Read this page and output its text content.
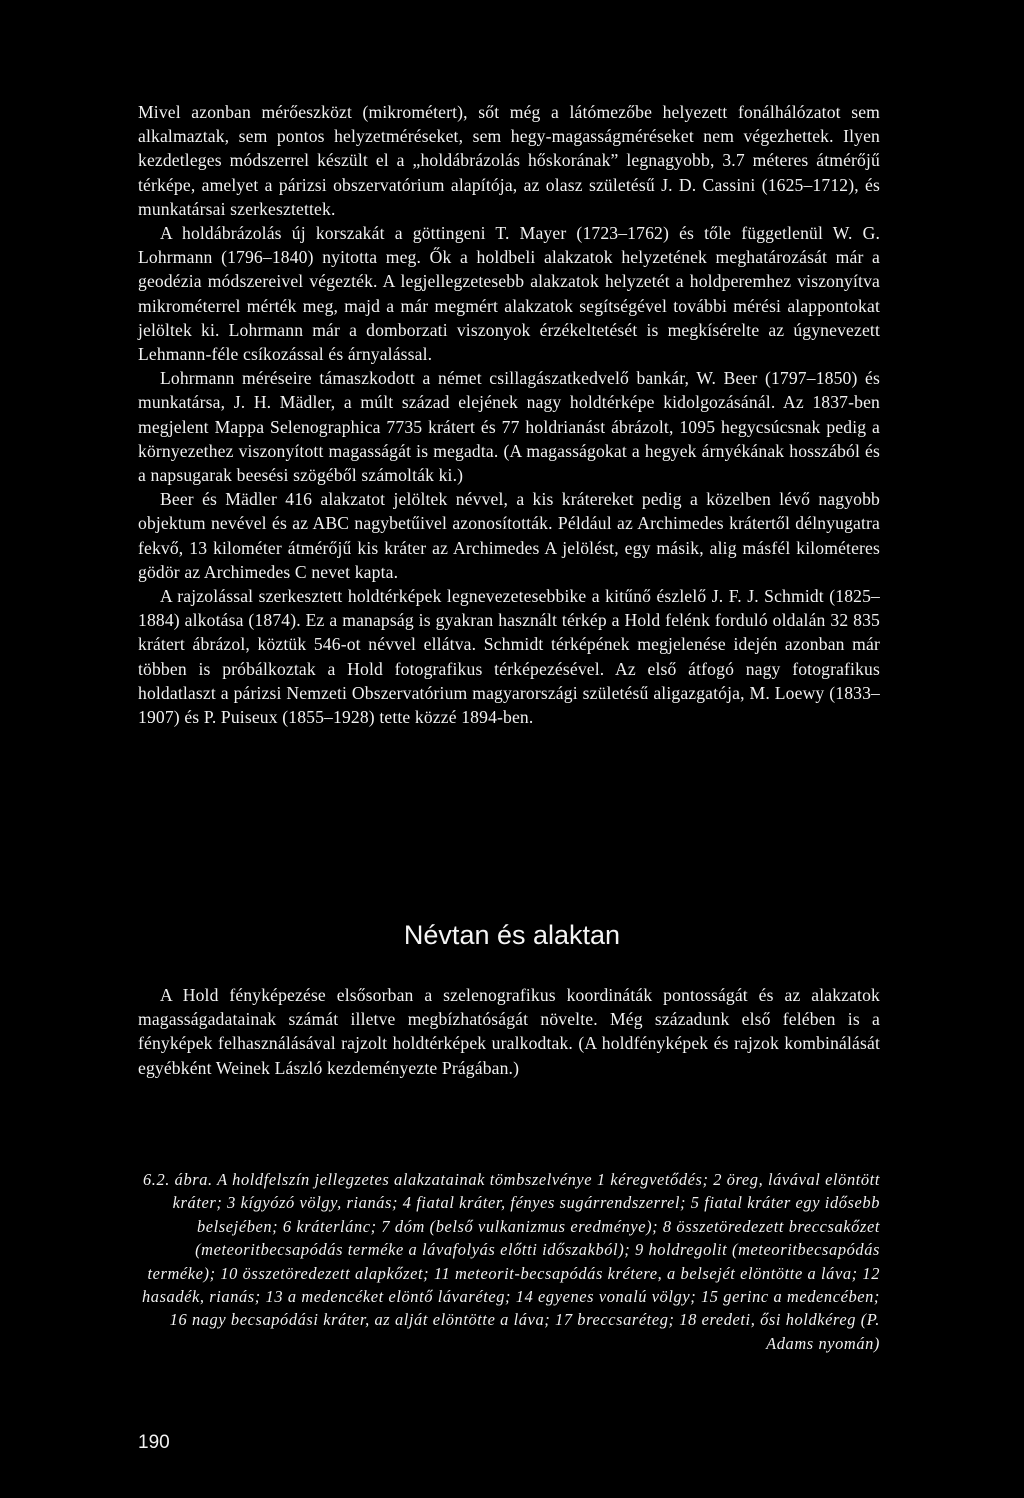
Mivel azonban mérőeszközt (mikrométert), sőt még a látómezőbe helyezett fonálhálózatot sem alkalmaztak, sem pontos helyzetméréseket, sem hegy-magasságméréseket nem végezhettek. Ilyen kezdetleges módszerrel készült el a „holdábrázolás hőskorának” legnagyobb, 3.7 méteres átmérőjű térképe, amelyet a párizsi obszervatórium alapítója, az olasz születésű J. D. Cassini (1625–1712), és munkatársai szerkesztettek.

A holdábrázolás új korszakát a göttingeni T. Mayer (1723–1762) és tőle függetlenül W. G. Lohrmann (1796–1840) nyitotta meg. Ők a holdbeli alakzatok helyzetének meghatározását már a geodézia módszereivel végezték. A legjellegzetesebb alakzatok helyzetét a holdperemhez viszonyítva mikrométerrel mérték meg, majd a már megmért alakzatok segítségével további mérési alappontokat jelöltek ki. Lohrmann már a domborzati viszonyok érzékeltetését is megkísérelte az úgynevezett Lehmann-féle csíkozással és árnyalással.

Lohrmann méréseire támaszkodott a német csillagászatkedvelő bankár, W. Beer (1797–1850) és munkatársa, J. H. Mädler, a múlt század elejének nagy holdtérképe kidolgozásánál. Az 1837-ben megjelent Mappa Selenographica 7735 krátert és 77 holdrianást ábrázolt, 1095 hegycsúcsnak pedig a környezethez viszonyított magasságát is megadta. (A magasságokat a hegyek árnyékának hosszából és a napsugarak beesési szögéből számolták ki.)

Beer és Mädler 416 alakzatot jelöltek névvel, a kis krátereket pedig a közelben lévő nagyobb objektum nevével és az ABC nagybetűivel azonosították. Például az Archimedes krátertől délnyugatra fekvő, 13 kilométer átmérőjű kis kráter az Archimedes A jelölést, egy másik, alig másfél kilométeres gödör az Archimedes C nevet kapta.

A rajzolással szerkesztett holdtérképek legnevezetesebbike a kitűnő észlelő J. F. J. Schmidt (1825–1884) alkotása (1874). Ez a manapság is gyakran használt térkép a Hold felénk forduló oldalán 32 835 krátert ábrázol, köztük 546-ot névvel ellátva. Schmidt térképének megjelenése idején azonban már többen is próbálkoztak a Hold fotografikus térképezésével. Az első átfogó nagy fotografikus holdatlaszt a párizsi Nemzeti Obszervatórium magyarországi születésű aligazgatója, M. Loewy (1833–1907) és P. Puiseux (1855–1928) tette közzé 1894-ben.

Névtan és alaktan

A Hold fényképezése elsősorban a szelenografikus koordináták pontosságát és az alakzatok magasságadatainak számát illetve megbízhatóságát növelte. Még századunk első felében is a fényképek felhasználásával rajzolt holdtérképek uralkodtak. (A holdfényképek és rajzok kombinálását egyébként Weinek László kezdeményezte Prágában.)

6.2. ábra. A holdfelszín jellegzetes alakzatainak tömbszelvénye 1 kéregvetődés; 2 öreg, lávával elöntött kráter; 3 kígyózó völgy, rianás; 4 fiatal kráter, fényes sugárrendszerrel; 5 fiatal kráter egy idősebb belsejében; 6 kráterlánc; 7 dóm (belső vulkanizmus eredménye); 8 összetöredezett breccsakőzet (meteoritbecsapódás terméke a lávafolyás előtti időszakból); 9 holdregolit (meteoritbecsapódás terméke); 10 összetöredezett alapkőzet; 11 meteorit-becsapódás krétere, a belsejét elöntötte a láva; 12 hasadék, rianás; 13 a medencéket elöntő lávaréteg; 14 egyenes vonalú völgy; 15 gerinc a medencében; 16 nagy becsapódási kráter, az alját elöntötte a láva; 17 breccsaréteg; 18 eredeti, ősi holdkéreg (P. Adams nyomán)
190
